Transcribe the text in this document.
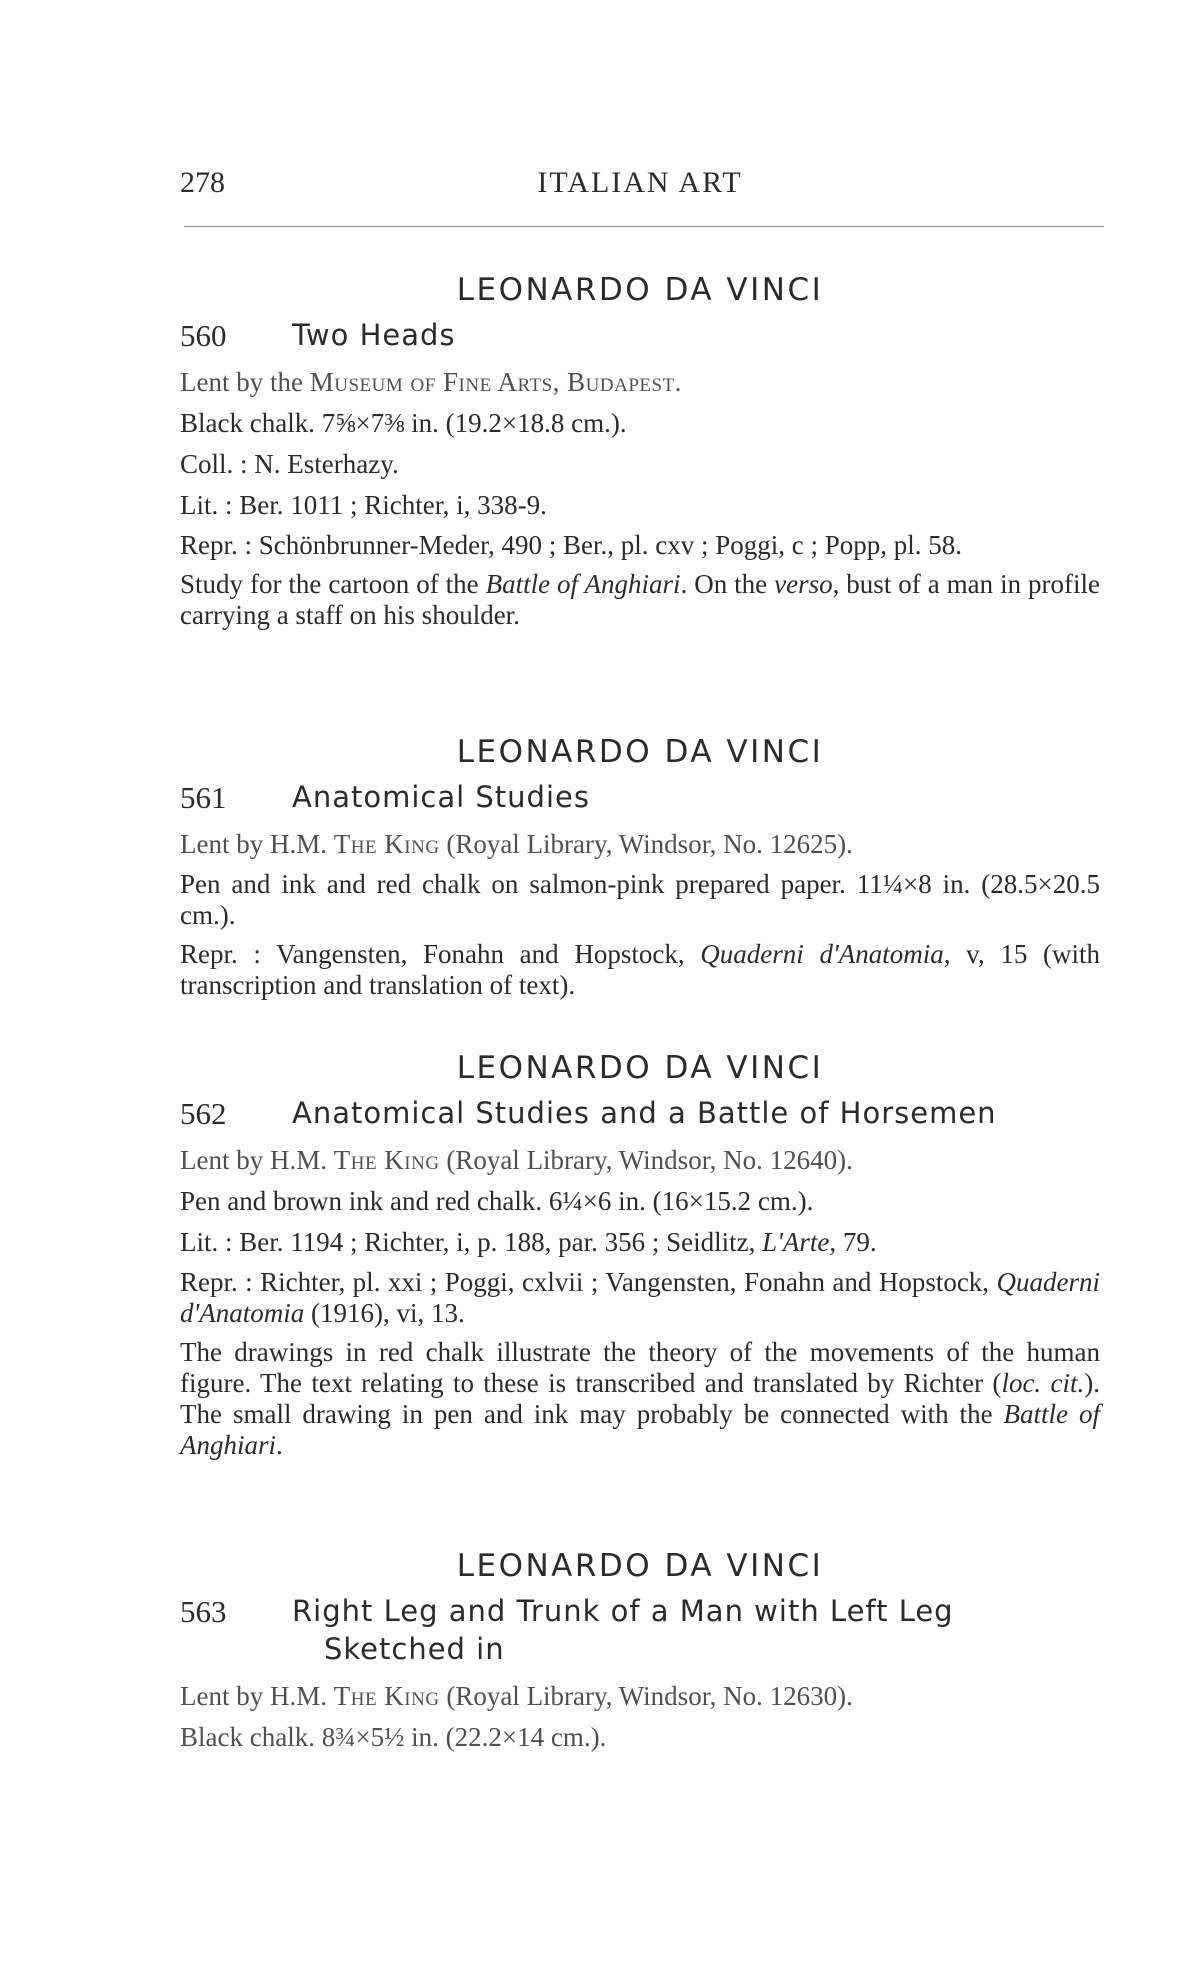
278	ITALIAN ART
LEONARDO DA VINCI
560	Two Heads
Lent by the Museum of Fine Arts, Budapest.
Black chalk. 7⅝×7⅜ in. (19.2×18.8 cm.).
Coll. : N. Esterhazy.
Lit. : Ber. 1011 ; Richter, i, 338-9.
Repr. : Schönbrunner-Meder, 490 ; Ber., pl. cxv ; Poggi, c ; Popp, pl. 58.
Study for the cartoon of the Battle of Anghiari. On the verso, bust of a man in profile carrying a staff on his shoulder.
LEONARDO DA VINCI
561	Anatomical Studies
Lent by H.M. The King (Royal Library, Windsor, No. 12625).
Pen and ink and red chalk on salmon-pink prepared paper. 11¼×8 in. (28.5×20.5 cm.).
Repr. : Vangensten, Fonahn and Hopstock, Quaderni d'Anatomia, v, 15 (with transcription and translation of text).
LEONARDO DA VINCI
562	Anatomical Studies and a Battle of Horsemen
Lent by H.M. The King (Royal Library, Windsor, No. 12640).
Pen and brown ink and red chalk. 6¼×6 in. (16×15.2 cm.).
Lit. : Ber. 1194 ; Richter, i, p. 188, par. 356 ; Seidlitz, L'Arte, 79.
Repr. : Richter, pl. xxi ; Poggi, cxlvii ; Vangensten, Fonahn and Hopstock, Quaderni d'Anatomia (1916), vi, 13.
The drawings in red chalk illustrate the theory of the movements of the human figure. The text relating to these is transcribed and translated by Richter (loc. cit.). The small drawing in pen and ink may probably be connected with the Battle of Anghiari.
LEONARDO DA VINCI
563	Right Leg and Trunk of a Man with Left Leg
Sketched in
Lent by H.M. The King (Royal Library, Windsor, No. 12630).
Black chalk. 8¾×5½ in. (22.2×14 cm.).
